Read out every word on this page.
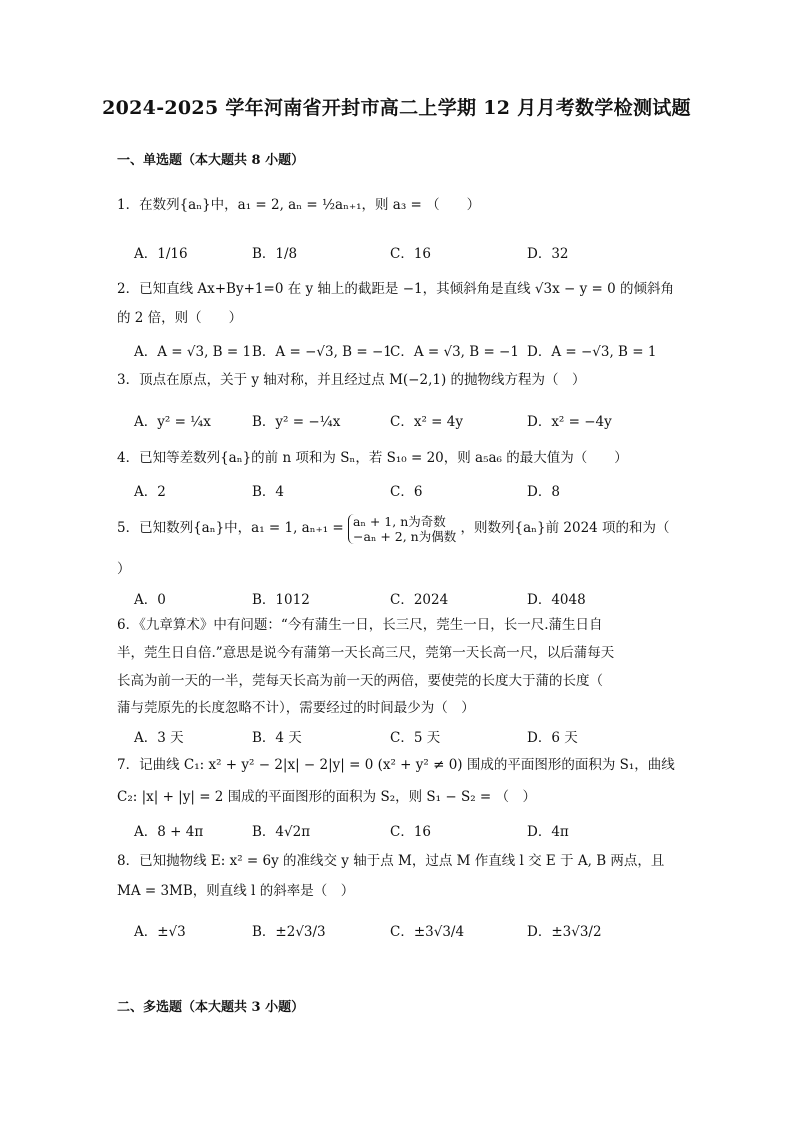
2024-2025 学年河南省开封市高二上学期 12 月月考数学检测试题
一、单选题（本大题共 8 小题）
1．在数列{aₙ}中，a₁ = 2, aₙ = ½aₙ₊₁，则 a₃ = （　　）
A．1/16	B．1/8	C．16	D．32
2．已知直线 Ax+By+1=0 在 y 轴上的截距是 −1，其倾斜角是直线 √3x − y = 0 的倾斜角
的 2 倍，则（　　）
A．A = √3, B = 1 B．A = −√3, B = −1
C．A = √3, B = −1 D．A = −√3, B = 1
3．顶点在原点，关于 y 轴对称，并且经过点 M(−2,1) 的抛物线方程为（　）
A．y² = ¼x	B．y² = −¼x	C．x² = 4y	D．x² = −4y
4．已知等差数列{aₙ}的前 n 项和为 Sₙ，若 S₁₀ = 20，则 a₅a₆ 的最大值为（　　）
A．2	B．4	C．6	D．8
5．已知数列{aₙ}中，a₁ = 1, aₙ₊₁ = aₙ + 1, n为奇数
−aₙ + 2, n为偶数 ，则数列{aₙ}前 2024 项的和为（
）
A．0	B．1012	C．2024	D．4048
6．《九章算术》中有问题：“今有蒲生一日，长三尺，莞生一日，长一尺.蒲生日自
半，莞生日自倍.”意思是说今有蒲第一天长高三尺，莞第一天长高一尺，以后蒲每天
长高为前一天的一半，莞每天长高为前一天的两倍，要使莞的长度大于蒲的长度（
蒲与莞原先的长度忽略不计），需要经过的时间最少为（　）
A．3 天	B．4 天	C．5 天	D．6 天
7．记曲线 C₁: x² + y² − 2|x| − 2|y| = 0 (x² + y² ≠ 0) 围成的平面图形的面积为 S₁，曲线
C₂: |x| + |y| = 2 围成的平面图形的面积为 S₂，则 S₁ − S₂ = （　）
A．8 + 4π	B．4√2π	C．16	D．4π
8．已知抛物线 E: x² = 6y 的准线交 y 轴于点 M，过点 M 作直线 l 交 E 于 A, B 两点，且
MA = 3MB，则直线 l 的斜率是（　）
A．±√3	B．±2√3/3	C．±3√3/4	D．±3√3/2
二、多选题（本大题共 3 小题）
